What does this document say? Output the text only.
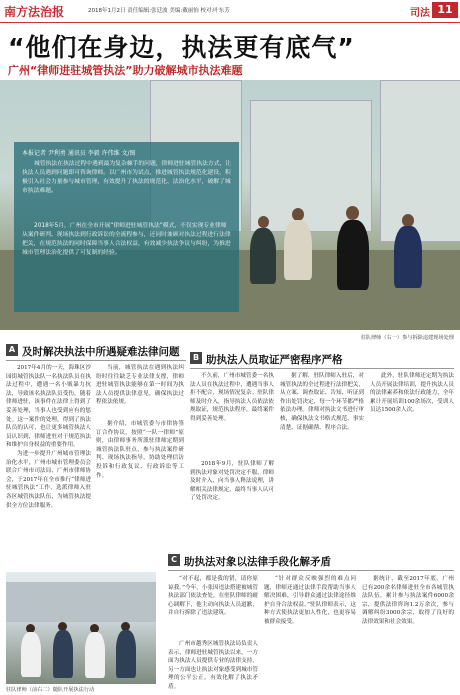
南方法治报	2018年1月2日 责任编辑:张廷波 美编:戴丽怡 校对:叶东芳	司法 11
“他们在身边，执法更有底气”
广州“律师进驻城管执法”助力破解城市执法难题
本报记者 尹利勇 通讯员 李毅 许伟维 文/图
城管执法在执法过程中遇到最为复杂棘手的问题，律师进驻城管执法方式，让执法人员遇到问题即可咨询律师。以广州市为试点，推进城管执法规范化建设，积极引入社会力量参与城市管理，有效提升了执法的规范化、法治化水平，破解了城市执法难题。
2018年5月，广州在全市开展“律师进驻城管执法”模式，不仅实现专业律师从案件研判、现场执法到行政诉讼的全流程参与，还同时兼顾对执法过程进行法律把关，在规范执法的同时保障当事人合法权益，有效减少执法争议与纠纷，为推进城市管理法治化提供了可复制的经验。
驻队律师（右一）参与拆除违建现场处理
A 及时解决执法中所遇疑难法律问题
2017年4月的一天，海珠区沙园街城管执法队一名执法队员在执法过程中，遭遇一名小贩暴力抗法，导致该名执法队员受伤。随着律师进驻，该事件在法律上得到了妥善处理，当事人也受到应有的惩处。这一案件的处理，得到了执法队员的认可，也让更多城管执法人员认识到，律师进驻对于规范执法和维护自身权益的重要作用。
为进一步提升广州城市管理法治化水平，广州市城市管理委员会联合广州市司法局、广州市律师协会，于2017年在全市推行“律师进驻城管执法”工作，选派律师入驻各区城管执法队伍，为城管执法提供全方位法律服务。
当前，城管执法在遇到执法纠纷时往往缺乏专业法律支撑，律师进驻城管执法能够在第一时间为执法人员提供法律意见，确保执法过程依法依规。
据介绍，市城管委与市律协签订合作协议，按照“一队一律师”原则，由律师事务所派驻律师定期到城管执法队驻点，参与执法案件研判、现场执法指导，协助处理信访投诉和行政复议、行政诉讼等工作。
B 助执法人员取证严密程序严格
不久前，广州市城管委一名执法人员在执法过程中，遭遇当事人拒不配合，现场情况复杂。驻队律师及时介入，指导执法人员依法依规取证，规范执法程序，最终案件得到妥善处理。
2018年9月，驻队律师了解到执法对象对处罚决定不服，律师及时介入，向当事人释法说理，讲解相关法律规定，最终当事人认可了处罚决定。
据了解，驻队律师入驻后，对城管执法的全过程进行法律把关，从立案、调查取证、告知、听证到作出处罚决定，每一个环节都严格依法办理。律师对执法文书进行审核，确保执法文书格式规范、事实清楚、证据确凿、程序合法。
此外，驻队律师还定期为执法人员开展法律培训，提升执法人员的法律素养和依法行政能力，全年累计开展培训100余场次，受训人员达1500余人次。
C 助执法对象以法律手段化解矛盾
驻队律师（前右二）随队开展执法行动
“对不起，都是我的错，请你原谅我。”今年，小张因违法搭建被城管执法部门依法查处，在驻队律师的耐心调解下，他主动向执法人员道歉，并自行拆除了违法建筑。
广州市越秀区城管执法局负责人表示，律师进驻城管执法以来，一方面为执法人员提供专业的法律支持，另一方面也让执法对象感受到城市管理的公平公正，有效化解了执法矛盾。
“针对群众反映强烈的难点问题，律师还通过法律手段帮助当事人解决困难，引导群众通过法律途径维护自身合法权益。”驻队律师表示，这种方式使执法更加人性化，也更容易被群众接受。
据统计，截至2017年底，广州已有200余名律师进驻全市各城管执法队伍，累计参与执法案件6000余宗，提供法律咨询1.2万余次，参与调解纠纷3000余宗，取得了良好的法律效果和社会效果。
